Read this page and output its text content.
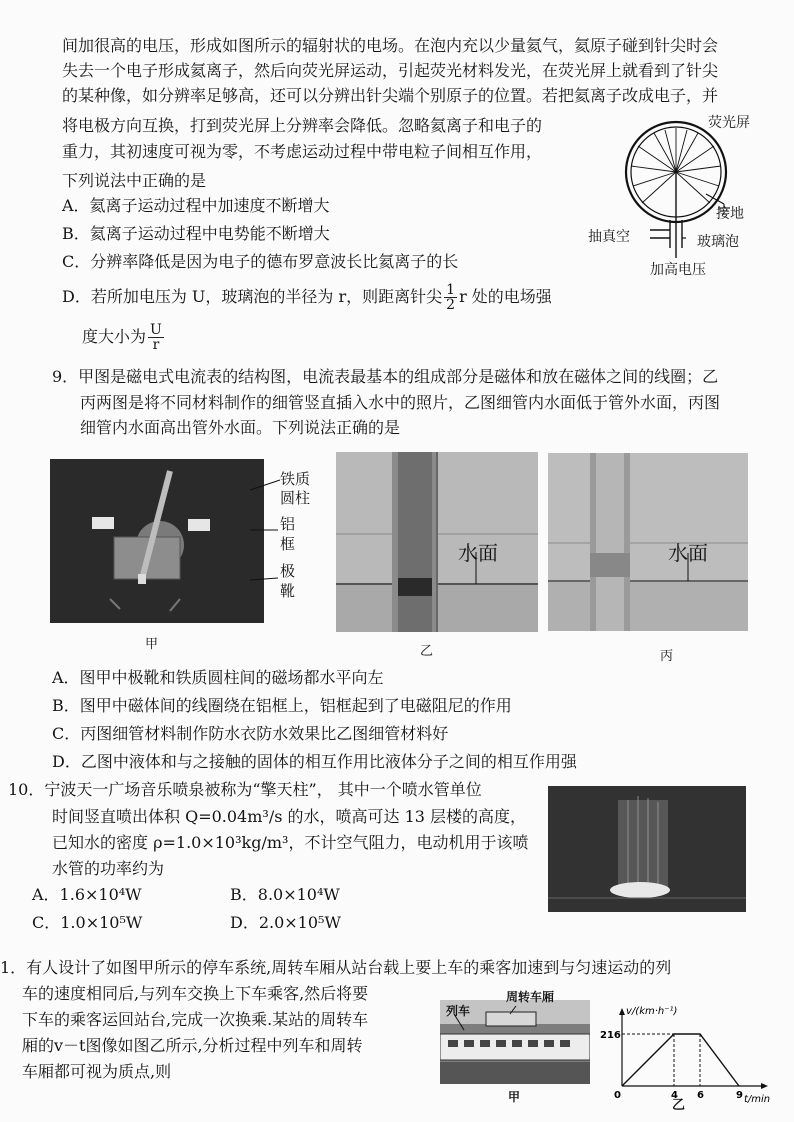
间加很高的电压，形成如图所示的辐射状的电场。在泡内充以少量氦气，氦原子碰到针尖时会
失去一个电子形成氦离子，然后向荧光屏运动，引起荧光材料发光，在荧光屏上就看到了针尖
的某种像，如分辨率足够高，还可以分辨出针尖端个别原子的位置。若把氦离子改成电子，并
将电极方向互换，打到荧光屏上分辨率会降低。忽略氦离子和电子的
重力，其初速度可视为零，不考虑运动过程中带电粒子间相互作用，
下列说法中正确的是
A．氦离子运动过程中加速度不断增大
B．氦离子运动过程中电势能不断增大
C．分辨率降低是因为电子的德布罗意波长比氦离子的长
D．若所加电压为 U，玻璃泡的半径为 r，则距离针尖 $\frac{1}{2}$ r 处的电场强
度大小为 $\frac{U}{r}$
荧光屏
接地
抽真空	玻璃泡
加高电压
9．甲图是磁电式电流表的结构图，电流表最基本的组成部分是磁体和放在磁体之间的线圈；乙
丙两图是将不同材料制作的细管竖直插入水中的照片，乙图细管内水面低于管外水面，丙图
细管内水面高出管外水面。下列说法正确的是
铁质
圆柱
铝
框
极
靴
甲
水面
乙
水面
丙
A．图甲中极靴和铁质圆柱间的磁场都水平向左
B．图甲中磁体间的线圈绕在铝框上，铝框起到了电磁阻尼的作用
C．丙图细管材料制作防水衣防水效果比乙图细管材料好
D．乙图中液体和与之接触的固体的相互作用比液体分子之间的相互作用强
10．宁波天一广场音乐喷泉被称为“擎天柱”， 其中一个喷水管单位
时间竖直喷出体积 Q=0.04m³/s 的水，喷高可达 13 层楼的高度，
已知水的密度 ρ=1.0×10³kg/m³，不计空气阻力，电动机用于该喷
水管的功率约为
A．1.6×10⁴W	B．8.0×10⁴W
C．1.0×10⁵W	D．2.0×10⁵W
1．有人设计了如图甲所示的停车系统,周转车厢从站台载上要上车的乘客加速到与匀速运动的列
车的速度相同后,与列车交换上下车乘客,然后将要
下车的乘客运回站台,完成一次换乘.某站的周转车
厢的v－t图像如图乙所示,分析过程中列车和周转
车厢都可视为质点,则
列车
周转车厢
甲	0	4 6	9
216
v/(km·h⁻¹)
t/min
乙
